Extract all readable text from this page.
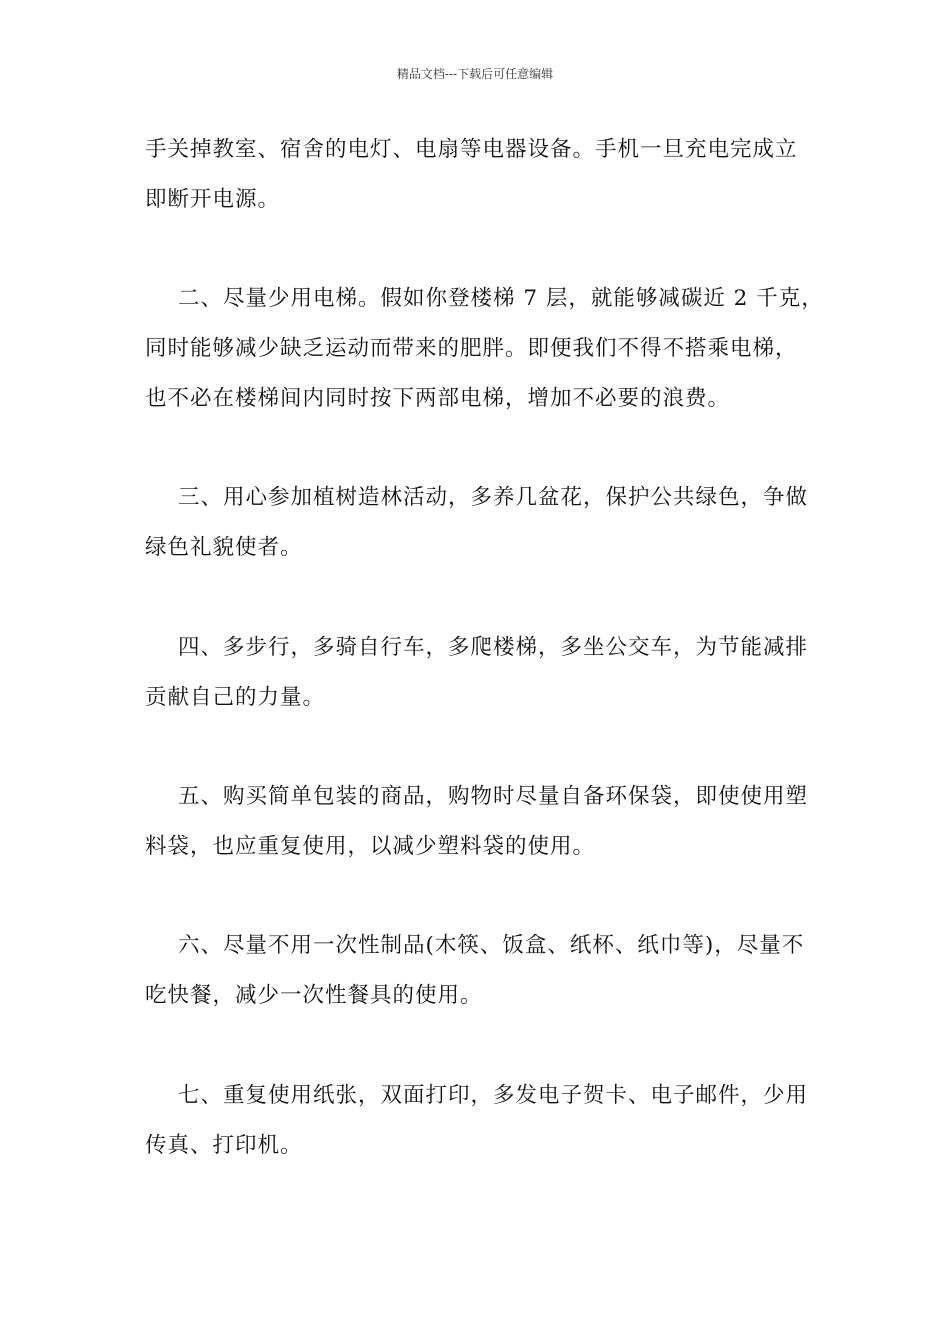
精品文档---下载后可任意编辑
手关掉教室、宿舍的电灯、电扇等电器设备。手机一旦充电完成立
即断开电源。
二、尽量少用电梯。假如你登楼梯 7 层，就能够减碳近 2 千克，
同时能够减少缺乏运动而带来的肥胖。即便我们不得不搭乘电梯，
也不必在楼梯间内同时按下两部电梯，增加不必要的浪费。
三、用心参加植树造林活动，多养几盆花，保护公共绿色，争做
绿色礼貌使者。
四、多步行，多骑自行车，多爬楼梯，多坐公交车，为节能减排
贡献自己的力量。
五、购买简单包装的商品，购物时尽量自备环保袋，即使使用塑
料袋，也应重复使用，以减少塑料袋的使用。
六、尽量不用一次性制品(木筷、饭盒、纸杯、纸巾等)，尽量不
吃快餐，减少一次性餐具的使用。
七、重复使用纸张，双面打印，多发电子贺卡、电子邮件，少用
传真、打印机。
